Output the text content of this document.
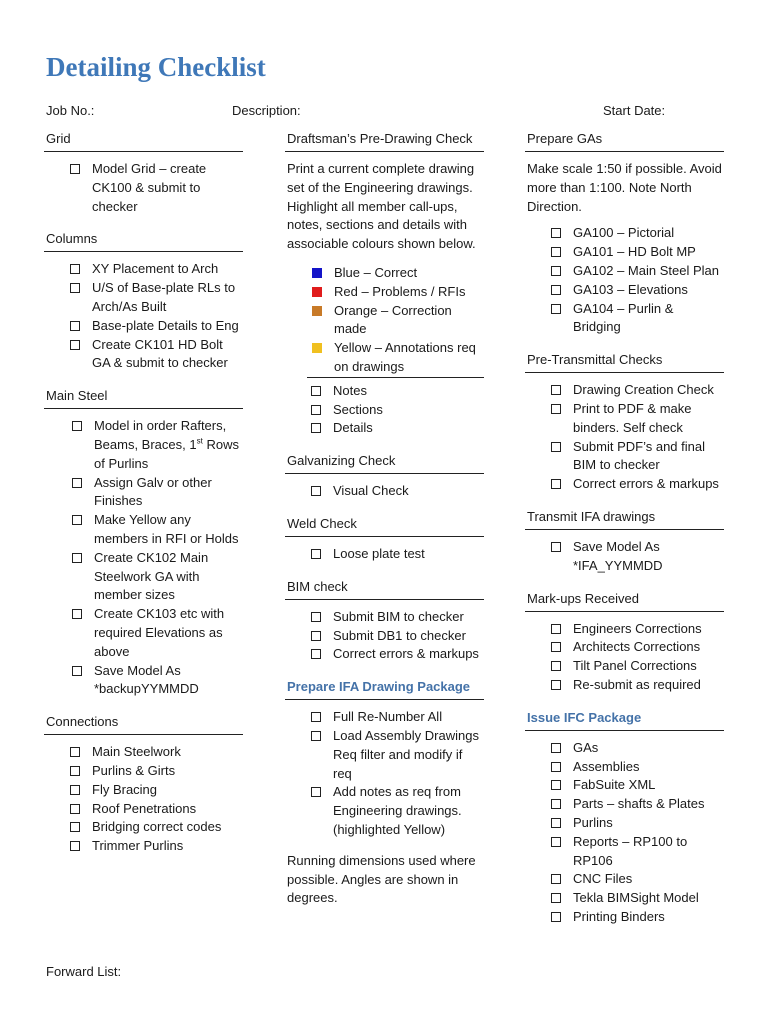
Detailing Checklist
Job No.:	Description:	Start Date:
Grid
Model Grid – create CK100 & submit to checker
Columns
XY Placement to Arch
U/S of Base-plate RLs to Arch/As Built
Base-plate Details to Eng
Create CK101 HD Bolt GA & submit to checker
Main Steel
Model in order Rafters, Beams, Braces, 1st Rows of Purlins
Assign Galv or other Finishes
Make Yellow any members in RFI or Holds
Create CK102 Main Steelwork GA with member sizes
Create CK103 etc with required Elevations as above
Save Model As *backupYYMMDD
Connections
Main Steelwork
Purlins & Girts
Fly Bracing
Roof Penetrations
Bridging correct codes
Trimmer Purlins
Draftsman’s Pre-Drawing Check

Print a current complete drawing set of the Engineering drawings. Highlight all member call-ups, notes, sections and details with associable colours shown below.

Blue – Correct
Red – Problems / RFIs
Orange – Correction made
Yellow – Annotations req on drawings
Notes
Sections
Details
Galvanizing Check
Visual Check
Weld Check
Loose plate test
BIM check
Submit BIM to checker
Submit DB1 to checker
Correct errors & markups
Prepare IFA Drawing Package
Full Re-Number All
Load Assembly Drawings Req filter and modify if req
Add notes as req from Engineering drawings. (highlighted Yellow)

Running dimensions used where possible. Angles are shown in degrees.

Prepare GAs

Make scale 1:50 if possible. Avoid more than 1:100. Note North Direction.

GA100 – Pictorial
GA101 – HD Bolt MP
GA102 – Main Steel Plan
GA103 – Elevations
GA104 – Purlin & Bridging
Pre-Transmittal Checks
Drawing Creation Check
Print to PDF & make binders. Self check
Submit PDF’s and final BIM to checker
Correct errors & markups
Transmit IFA drawings
Save Model As *IFA_YYMMDD
Mark-ups Received
Engineers Corrections
Architects Corrections
Tilt Panel Corrections
Re-submit as required
Issue IFC Package
GAs
Assemblies
FabSuite XML
Parts – shafts & Plates
Purlins
Reports – RP100 to RP106
CNC Files
Tekla BIMSight Model
Printing Binders
Forward List:
